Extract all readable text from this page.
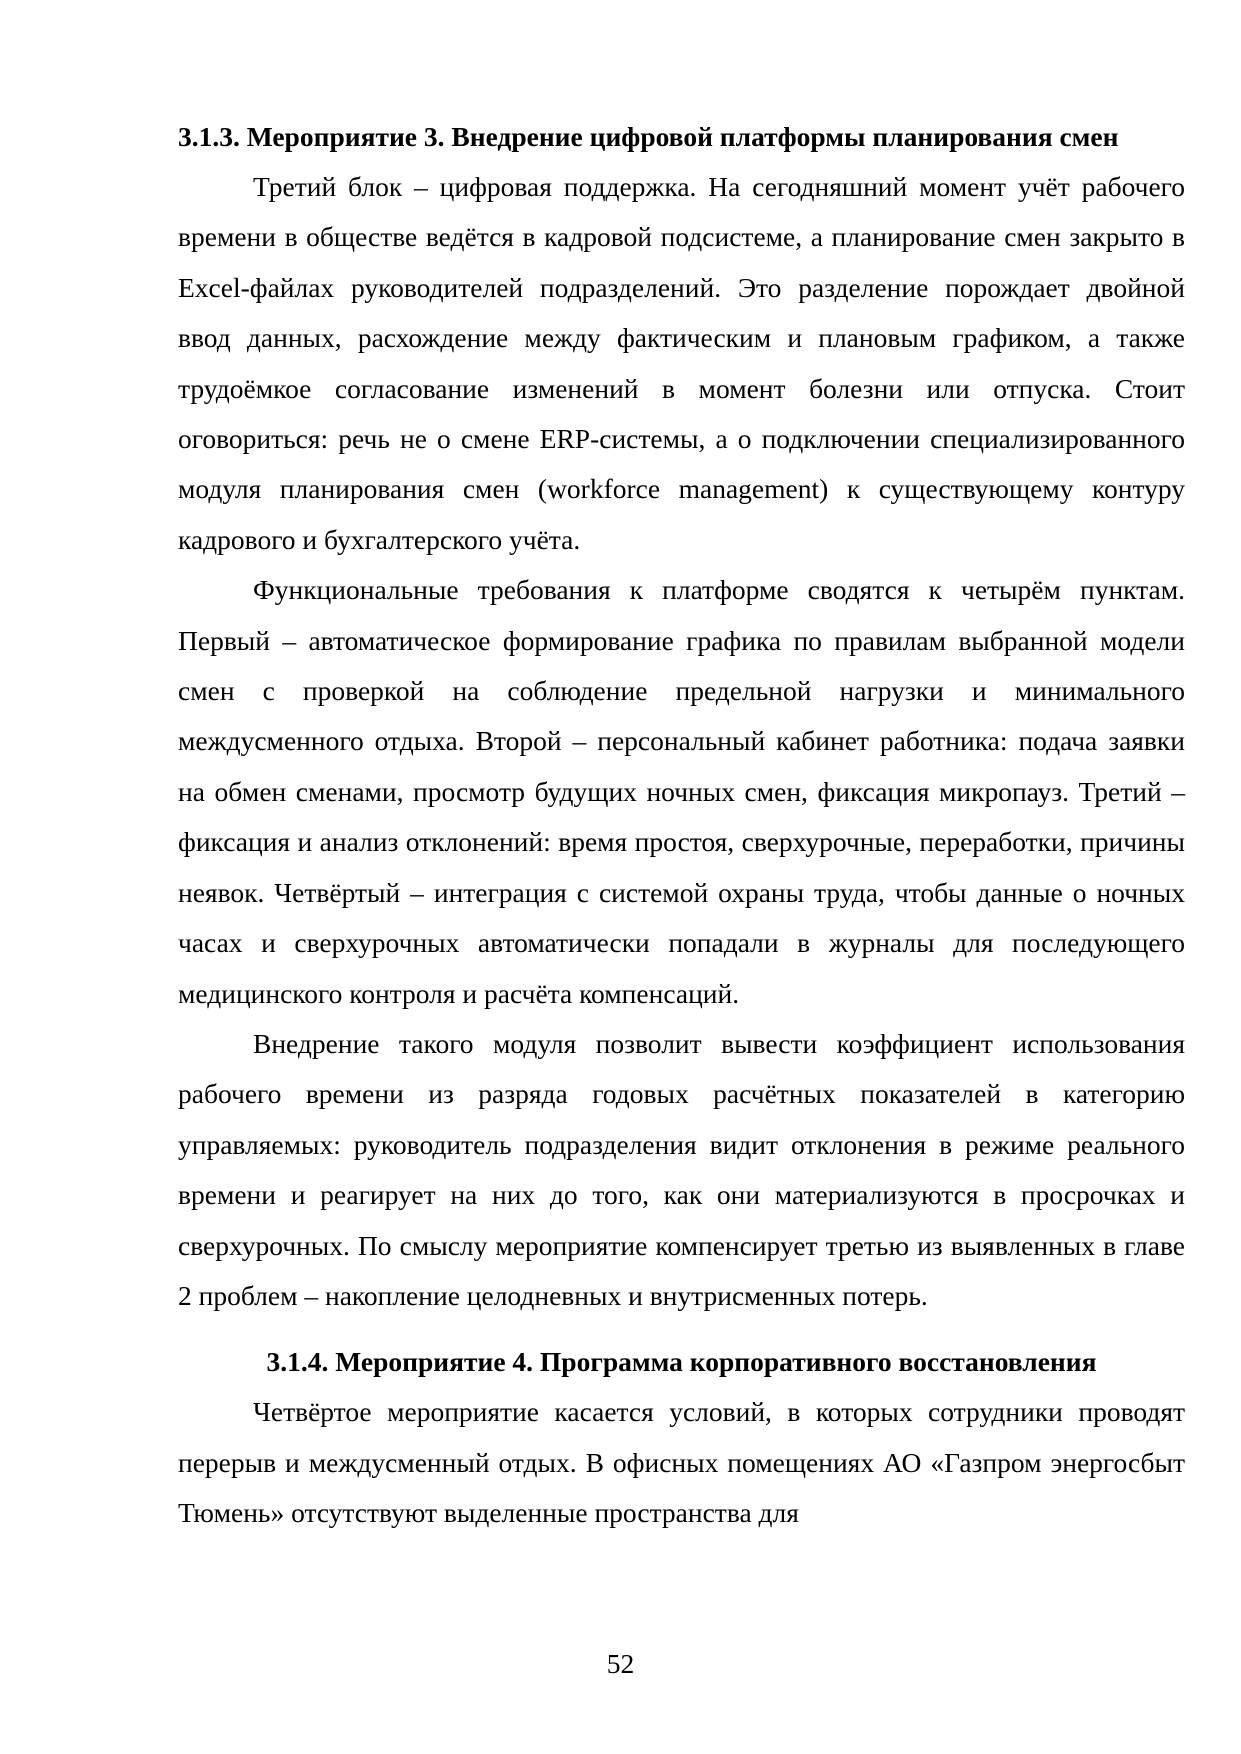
3.1.3. Мероприятие 3. Внедрение цифровой платформы планирования смен

Третий блок – цифровая поддержка. На сегодняшний момент учёт рабочего времени в обществе ведётся в кадровой подсистеме, а планирование смен закрыто в Excel-файлах руководителей подразделений. Это разделение порождает двойной ввод данных, расхождение между фактическим и плановым графиком, а также трудоёмкое согласование изменений в момент болезни или отпуска. Стоит оговориться: речь не о смене ERP-системы, а о подключении специализированного модуля планирования смен (workforce management) к существующему контуру кадрового и бухгалтерского учёта.

Функциональные требования к платформе сводятся к четырём пунктам. Первый – автоматическое формирование графика по правилам выбранной модели смен с проверкой на соблюдение предельной нагрузки и минимального междусменного отдыха. Второй – персональный кабинет работника: подача заявки на обмен сменами, просмотр будущих ночных смен, фиксация микропауз. Третий – фиксация и анализ отклонений: время простоя, сверхурочные, переработки, причины неявок. Четвёртый – интеграция с системой охраны труда, чтобы данные о ночных часах и сверхурочных автоматически попадали в журналы для последующего медицинского контроля и расчёта компенсаций.

Внедрение такого модуля позволит вывести коэффициент использования рабочего времени из разряда годовых расчётных показателей в категорию управляемых: руководитель подразделения видит отклонения в режиме реального времени и реагирует на них до того, как они материализуются в просрочках и сверхурочных. По смыслу мероприятие компенсирует третью из выявленных в главе 2 проблем – накопление целодневных и внутрисменных потерь.

3.1.4. Мероприятие 4. Программа корпоративного восстановления

Четвёртое мероприятие касается условий, в которых сотрудники проводят перерыв и междусменный отдых. В офисных помещениях АО «Газпром энергосбыт Тюмень» отсутствуют выделенные пространства для

52
